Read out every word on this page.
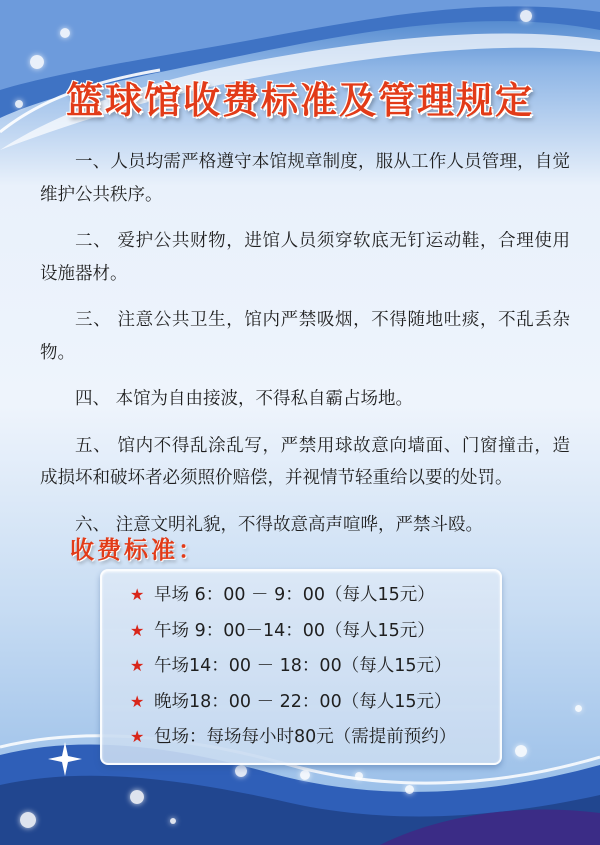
篮球馆收费标准及管理规定

一、人员均需严格遵守本馆规章制度，服从工作人员管理，自觉维护公共秩序。

二、 爱护公共财物，进馆人员须穿软底无钉运动鞋，合理使用设施器材。

三、 注意公共卫生，馆内严禁吸烟，不得随地吐痰，不乱丢杂物。

四、 本馆为自由接波，不得私自霸占场地。

五、 馆内不得乱涂乱写，严禁用球故意向墙面、门窗撞击，造成损坏和破坏者必须照价赔偿，并视情节轻重给以要的处罚。

六、 注意文明礼貌，不得故意高声喧哗，严禁斗殴。

收费标准：
★ 早场 6：00 － 9：00（每人15元）
★ 午场 9：00－14：00（每人15元）
★ 午场14：00 － 18：00（每人15元）
★ 晚场18：00 － 22：00（每人15元）
★ 包场：每场每小时80元（需提前预约）
